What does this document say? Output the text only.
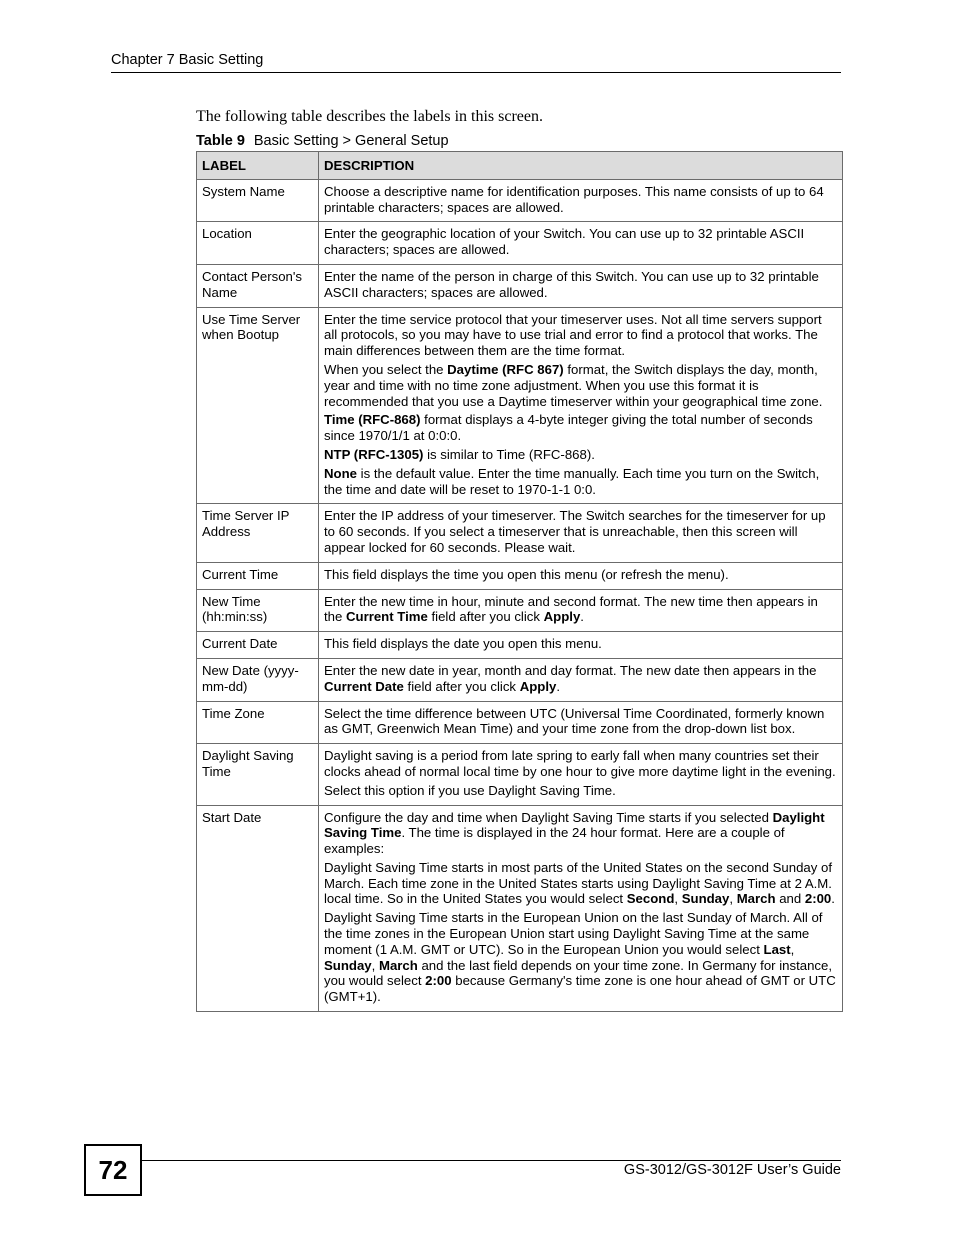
Chapter 7 Basic Setting
The following table describes the labels in this screen.
Table 9 Basic Setting > General Setup
LABEL	DESCRIPTION
System Name	Choose a descriptive name for identification purposes. This name consists of up to 64 printable characters; spaces are allowed.

Location	Enter the geographic location of your Switch. You can use up to 32 printable ASCII characters; spaces are allowed.

Contact Person's Name	Enter the name of the person in charge of this Switch. You can use up to 32 printable ASCII characters; spaces are allowed.

Use Time Server when Bootup	Enter the time service protocol that your timeserver uses. Not all time servers support all protocols, so you may have to use trial and error to find a protocol that works. The main differences between them are the time format.

When you select the Daytime (RFC 867) format, the Switch displays the day, month, year and time with no time zone adjustment. When you use this format it is recommended that you use a Daytime timeserver within your geographical time zone.

Time (RFC-868) format displays a 4-byte integer giving the total number of seconds since 1970/1/1 at 0:0:0.

NTP (RFC-1305) is similar to Time (RFC-868).

None is the default value. Enter the time manually. Each time you turn on the Switch, the time and date will be reset to 1970-1-1 0:0.

Time Server IP Address	Enter the IP address of your timeserver. The Switch searches for the timeserver for up to 60 seconds. If you select a timeserver that is unreachable, then this screen will appear locked for 60 seconds. Please wait.

Current Time	This field displays the time you open this menu (or refresh the menu).

New Time (hh:min:ss)	Enter the new time in hour, minute and second format. The new time then appears in the Current Time field after you click Apply.

Current Date	This field displays the date you open this menu.

New Date (yyyy-mm-dd)	Enter the new date in year, month and day format. The new date then appears in the Current Date field after you click Apply.

Time Zone	Select the time difference between UTC (Universal Time Coordinated, formerly known as GMT, Greenwich Mean Time) and your time zone from the drop-down list box.

Daylight Saving Time	Daylight saving is a period from late spring to early fall when many countries set their clocks ahead of normal local time by one hour to give more daytime light in the evening.

Select this option if you use Daylight Saving Time.

Start Date	Configure the day and time when Daylight Saving Time starts if you selected Daylight Saving Time. The time is displayed in the 24 hour format. Here are a couple of examples:

Daylight Saving Time starts in most parts of the United States on the second Sunday of March. Each time zone in the United States starts using Daylight Saving Time at 2 A.M. local time. So in the United States you would select Second, Sunday, March and 2:00.

Daylight Saving Time starts in the European Union on the last Sunday of March. All of the time zones in the European Union start using Daylight Saving Time at the same moment (1 A.M. GMT or UTC). So in the European Union you would select Last, Sunday, March and the last field depends on your time zone. In Germany for instance, you would select 2:00 because Germany's time zone is one hour ahead of GMT or UTC (GMT+1).

72	GS-3012/GS-3012F User’s Guide
